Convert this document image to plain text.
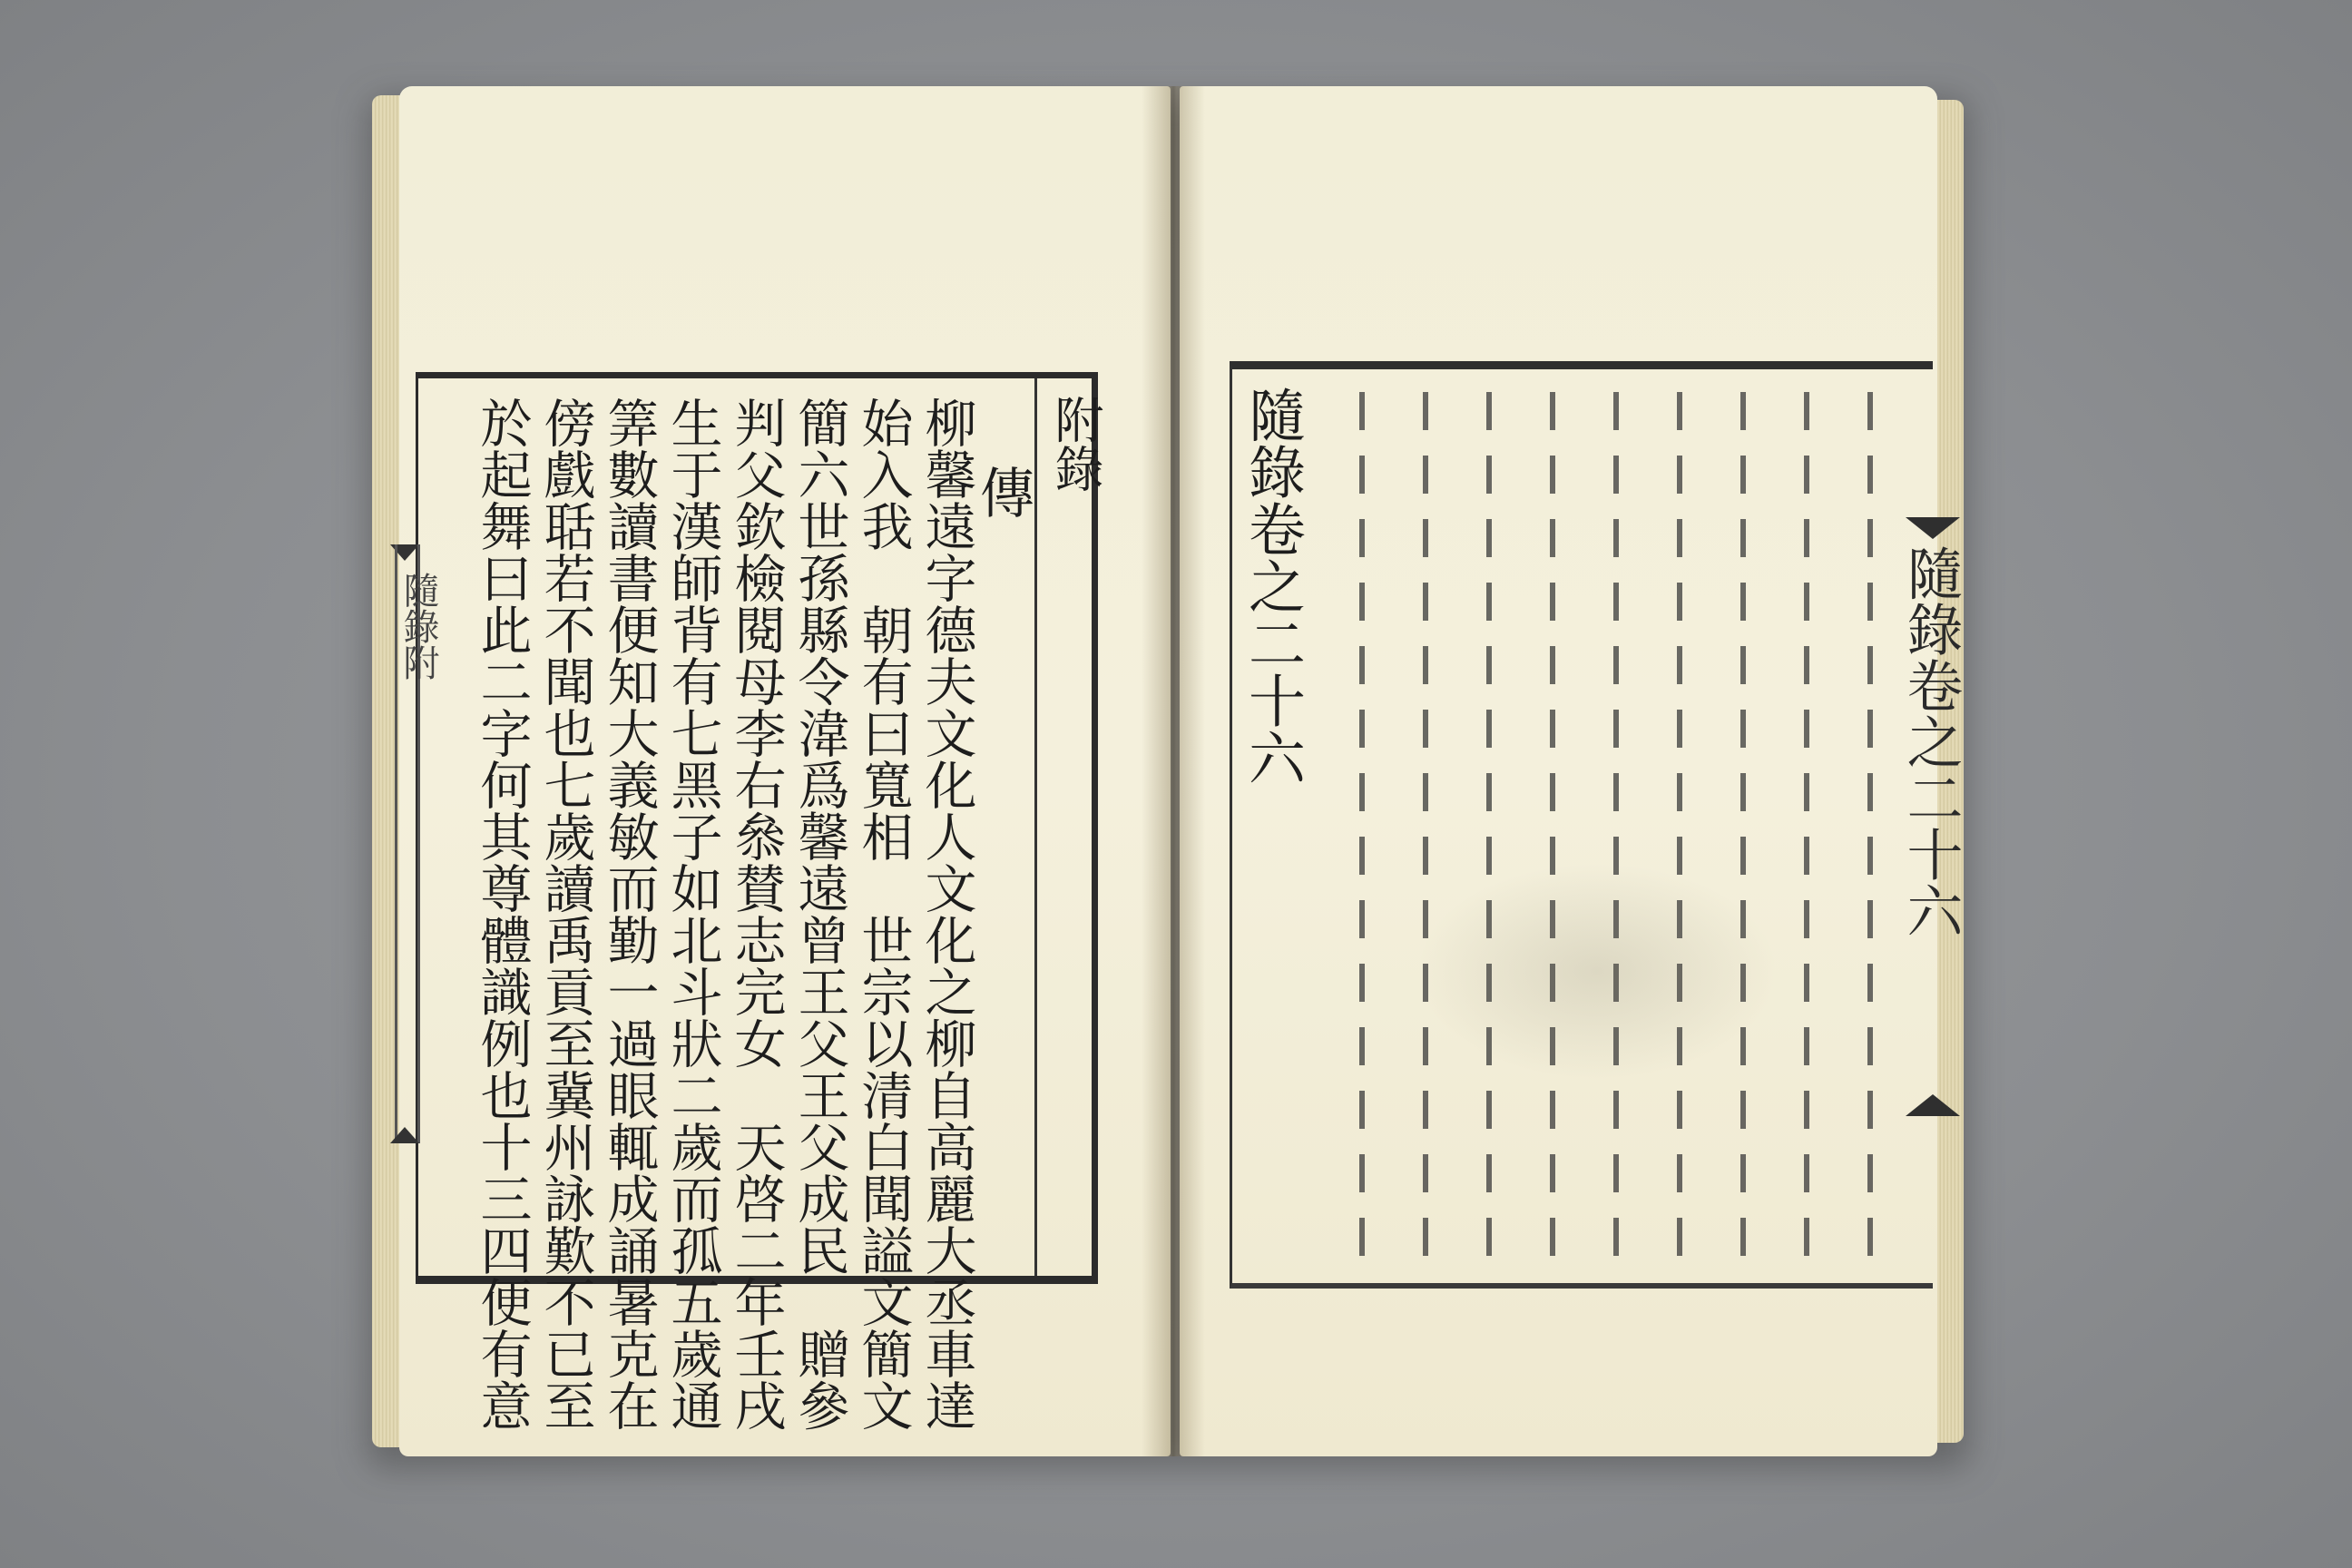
附錄
傳
柳馨遠字德夫文化人文化之柳自高麗大丞車達
始入我　朝有曰寬相　世宗以清白聞謚文簡文
簡六世孫縣令湋爲馨遠曾王父王父成民　贈參
判父欽檢閱母李右叅賛志完女　天啓二年壬戌
生于漢師背有七黑子如北斗狀二歲而孤五歲通
筭數讀書便知大義敏而勤一過眼輒成誦暑克在
傍戲聒若不聞也七歲讀禹貢至冀州詠歎不已至
於起舞曰此二字何其尊體識例也十三四便有意
隨錄附	隨錄卷之二十六	隨錄卷之二十六
